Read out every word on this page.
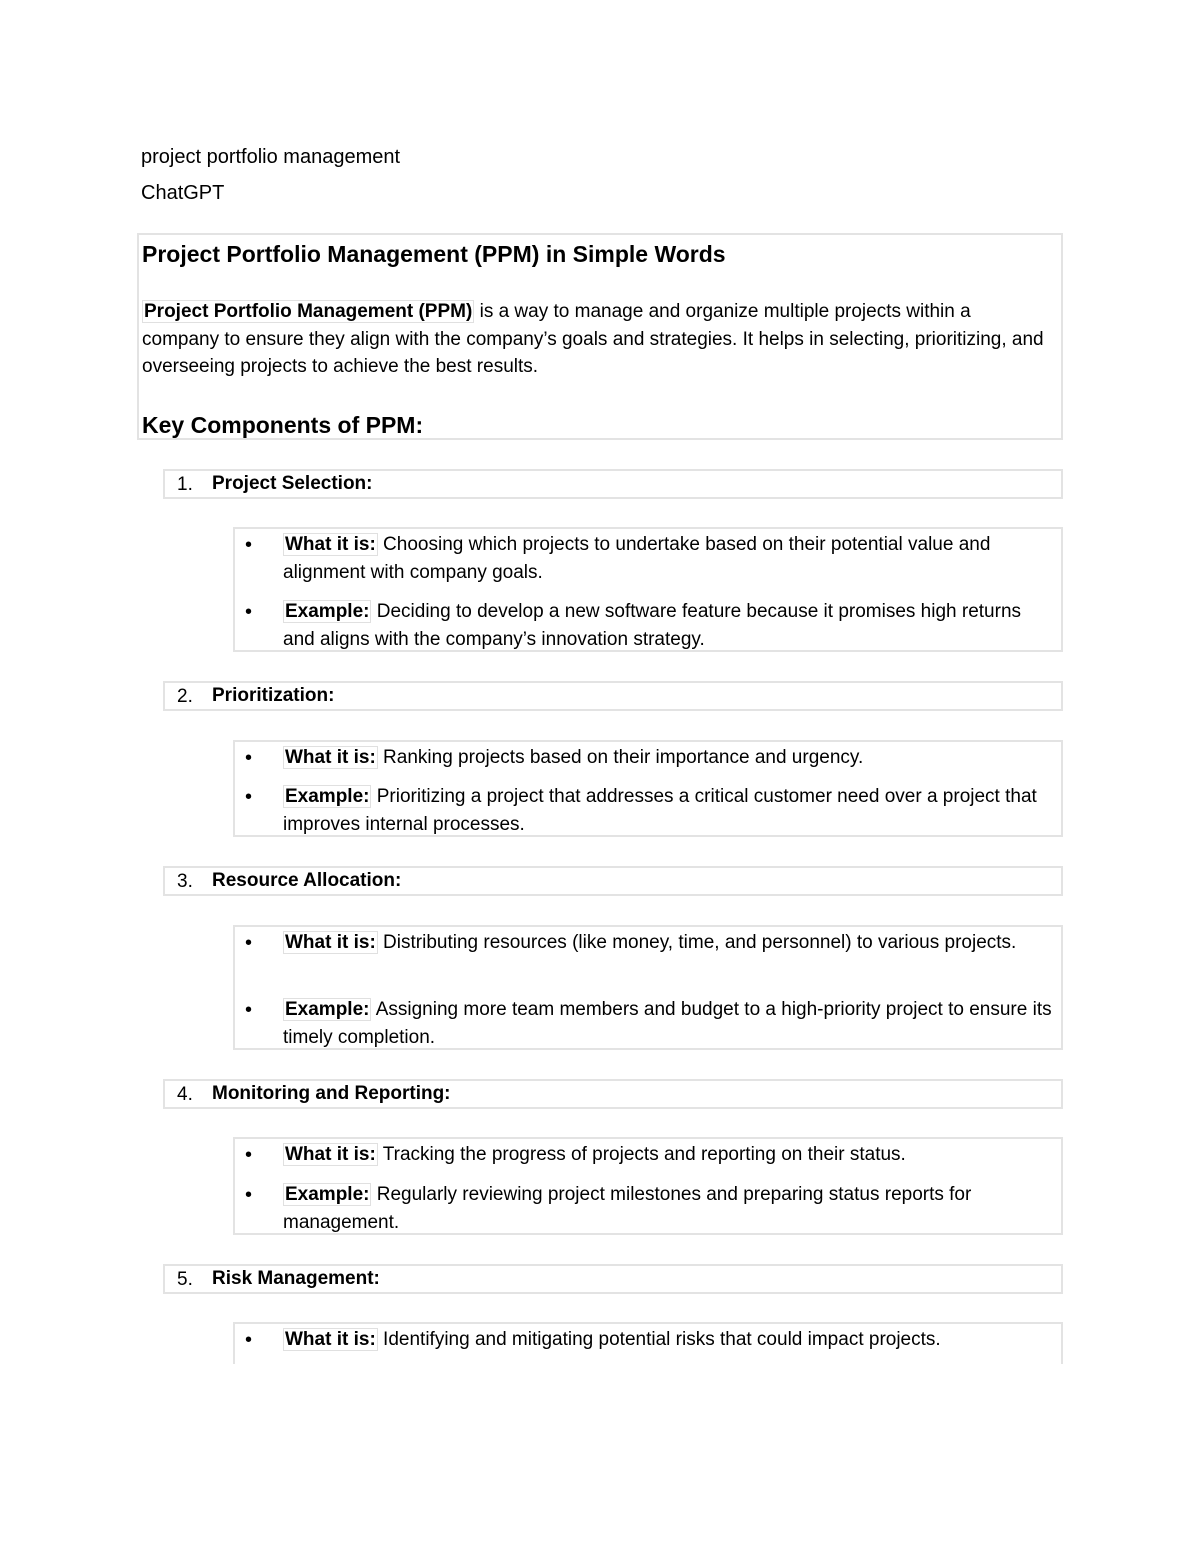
project portfolio management
ChatGPT
Project Portfolio Management (PPM) in Simple Words
Project Portfolio Management (PPM) is a way to manage and organize multiple projects within a company to ensure they align with the company’s goals and strategies. It helps in selecting, prioritizing, and overseeing projects to achieve the best results.
Key Components of PPM:
1. Project Selection:
• What it is: Choosing which projects to undertake based on their potential value and alignment with company goals.
• Example: Deciding to develop a new software feature because it promises high returns and aligns with the company’s innovation strategy.
2. Prioritization:
• What it is: Ranking projects based on their importance and urgency.
• Example: Prioritizing a project that addresses a critical customer need over a project that improves internal processes.
3. Resource Allocation:
• What it is: Distributing resources (like money, time, and personnel) to various projects.
• Example: Assigning more team members and budget to a high-priority project to ensure its timely completion.
4. Monitoring and Reporting:
• What it is: Tracking the progress of projects and reporting on their status.
• Example: Regularly reviewing project milestones and preparing status reports for management.
5. Risk Management:
• What it is: Identifying and mitigating potential risks that could impact projects.
